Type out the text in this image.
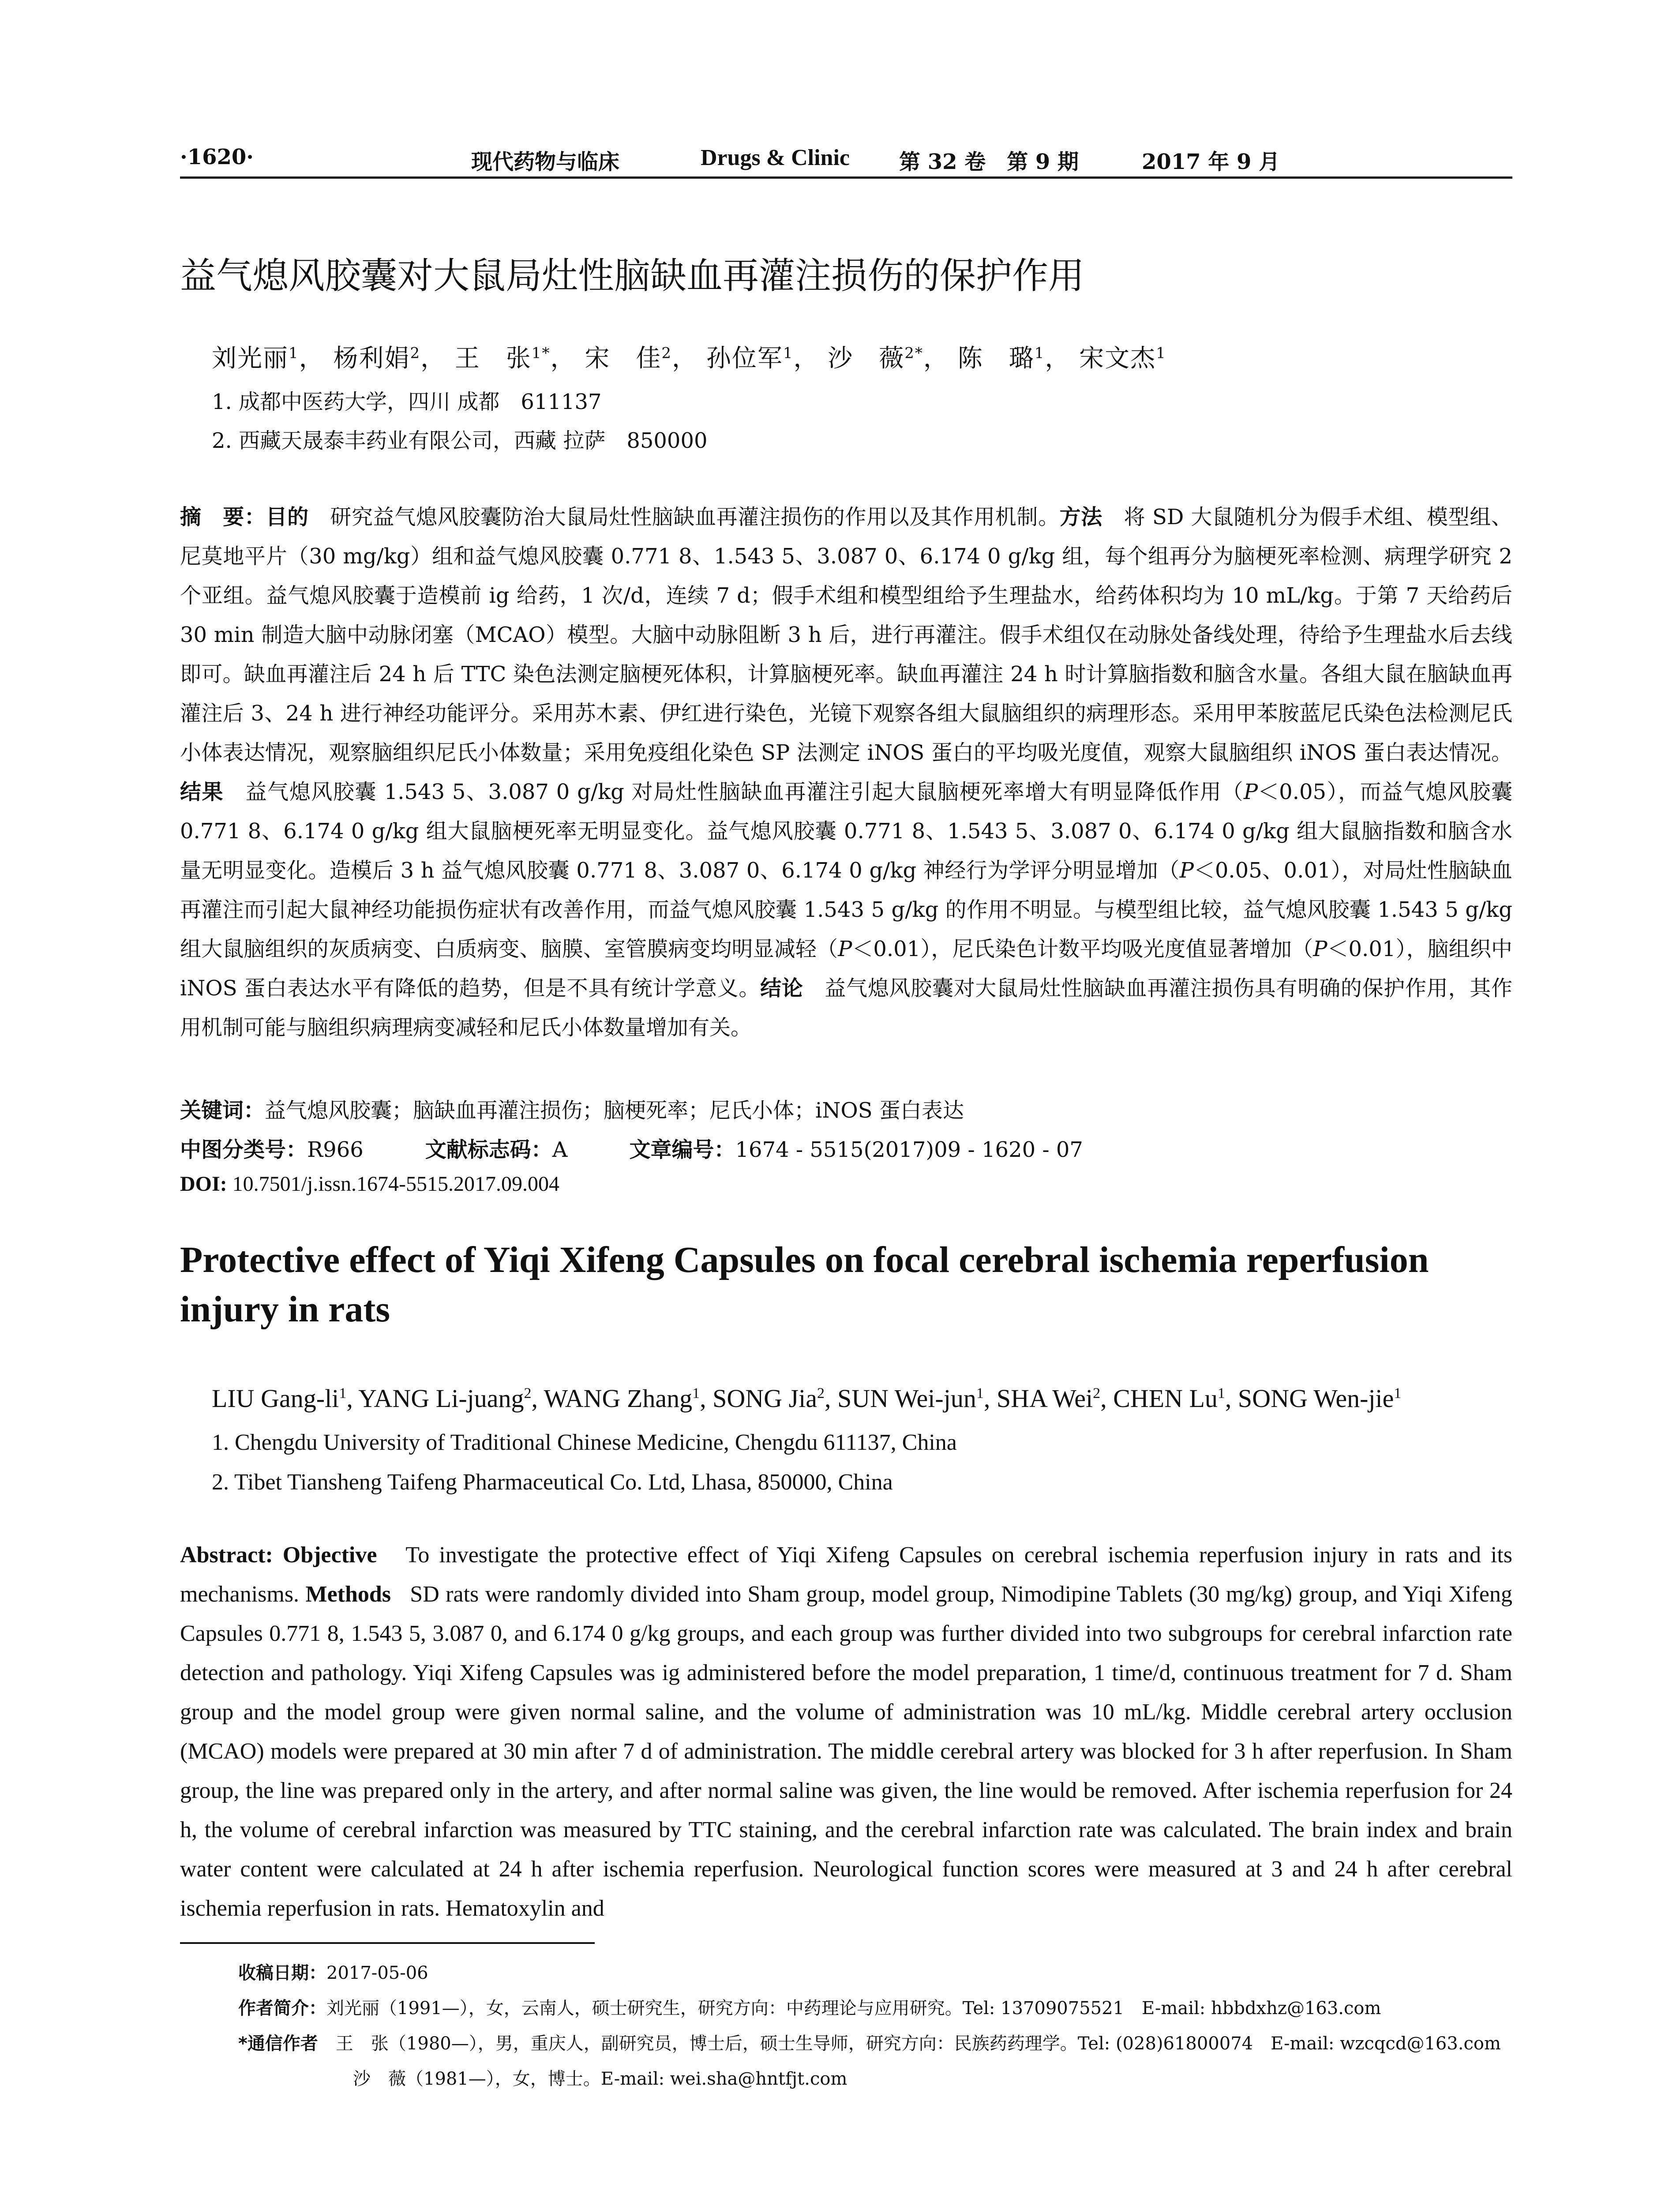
·1620·	现代药物与临床	Drugs & Clinic 第 32 卷　第 9 期	2017 年 9 月
益气熄风胶囊对大鼠局灶性脑缺血再灌注损伤的保护作用
刘光丽$^1$， 杨利娟$^2$， 王　张$^{1*}$， 宋　佳$^2$， 孙位军$^1$， 沙　薇$^{2*}$， 陈　璐$^1$， 宋文杰$^1$
1. 成都中医药大学，四川 成都　611137
2. 西藏天晟泰丰药业有限公司，西藏 拉萨　850000
摘　要：目的　 研究益气熄风胶囊防治大鼠局灶性脑缺血再灌注损伤的作用以及其作用机制。方法　 将 SD 大鼠随机分为假手术组、模型组、尼莫地平片（30 mg/kg）组和益气熄风胶囊 0.771 8、1.543 5、3.087 0、6.174 0 g/kg 组，每个组再分为脑梗死率检测、病理学研究 2 个亚组。益气熄风胶囊于造模前 ig 给药，1 次/d，连续 7 d；假手术组和模型组给予生理盐水，给药体积均为 10 mL/kg。于第 7 天给药后 30 min 制造大脑中动脉闭塞（MCAO）模型。大脑中动脉阻断 3 h 后，进行再灌注。假手术组仅在动脉处备线处理，待给予生理盐水后去线即可。缺血再灌注后 24 h 后 TTC 染色法测定脑梗死体积，计算脑梗死率。缺血再灌注 24 h 时计算脑指数和脑含水量。各组大鼠在脑缺血再灌注后 3、24 h 进行神经功能评分。采用苏木素、伊红进行染色，光镜下观察各组大鼠脑组织的病理形态。采用甲苯胺蓝尼氏染色法检测尼氏小体表达情况，观察脑组织尼氏小体数量；采用免疫组化染色 SP 法测定 iNOS 蛋白的平均吸光度值，观察大鼠脑组织 iNOS 蛋白表达情况。结果　 益气熄风胶囊 1.543 5、3.087 0 g/kg 对局灶性脑缺血再灌注引起大鼠脑梗死率增大有明显降低作用（P＜0.05），而益气熄风胶囊 0.771 8、6.174 0 g/kg 组大鼠脑梗死率无明显变化。益气熄风胶囊 0.771 8、1.543 5、3.087 0、6.174 0 g/kg 组大鼠脑指数和脑含水量无明显变化。造模后 3 h 益气熄风胶囊 0.771 8、3.087 0、6.174 0 g/kg 神经行为学评分明显增加（P＜0.05、0.01），对局灶性脑缺血再灌注而引起大鼠神经功能损伤症状有改善作用，而益气熄风胶囊 1.543 5 g/kg 的作用不明显。与模型组比较，益气熄风胶囊 1.543 5 g/kg 组大鼠脑组织的灰质病变、白质病变、脑膜、室管膜病变均明显减轻（P＜0.01），尼氏染色计数平均吸光度值显著增加（P＜0.01），脑组织中 iNOS 蛋白表达水平有降低的趋势，但是不具有统计学意义。结论　 益气熄风胶囊对大鼠局灶性脑缺血再灌注损伤具有明确的保护作用，其作用机制可能与脑组织病理病变减轻和尼氏小体数量增加有关。
关键词：益气熄风胶囊；脑缺血再灌注损伤；脑梗死率；尼氏小体；iNOS 蛋白表达
中图分类号：R966	文献标志码：A	文章编号：1674 - 5515(2017)09 - 1620 - 07
DOI: 10.7501/j.issn.1674-5515.2017.09.004
Protective effect of Yiqi Xifeng Capsules on focal cerebral ischemia reperfusion injury in rats
LIU Gang-$li^1$, YANG Li-juang$^2$, WANG Zhang$^1$, SONG Jia$^2$, SUN Wei-jun$^1$, SHA Wei$^2$, CHEN Lu$^1$, SONG Wen-jie$^1$
1. Chengdu University of Traditional Chinese Medicine, Chengdu 611137, China
2. Tibet Tiansheng Taifeng Pharmaceutical Co. Ltd, Lhasa, 850000, China
Abstract: Objective To investigate the protective effect of Yiqi Xifeng Capsules on cerebral ischemia reperfusion injury in rats and its mechanisms. Methods SD rats were randomly divided into Sham group, model group, Nimodipine Tablets (30 mg/kg) group, and Yiqi Xifeng Capsules 0.771 8, 1.543 5, 3.087 0, and 6.174 0 g/kg groups, and each group was further divided into two subgroups for cerebral infarction rate detection and pathology. Yiqi Xifeng Capsules was ig administered before the model preparation, 1 time/d, continuous treatment for 7 d. Sham group and the model group were given normal saline, and the volume of administration was 10 mL/kg. Middle cerebral artery occlusion (MCAO) models were prepared at 30 min after 7 d of administration. The middle cerebral artery was blocked for 3 h after reperfusion. In Sham group, the line was prepared only in the artery, and after normal saline was given, the line would be removed. After ischemia reperfusion for 24 h, the volume of cerebral infarction was measured by TTC staining, and the cerebral infarction rate was calculated. The brain index and brain water content were calculated at 24 h after ischemia reperfusion. Neurological function scores were measured at 3 and 24 h after cerebral ischemia reperfusion in rats. Hematoxylin and
收稿日期：2017-05-06
作者简介：刘光丽（1991—），女，云南人，硕士研究生，研究方向：中药理论与应用研究。Tel: 13709075521　E-mail: hbbdxhz@163.com
*通信作者　 王　张（1980—），男，重庆人，副研究员，博士后，硕士生导师，研究方向：民族药药理学。Tel: (028)61800074　E-mail: wzcqcd@163.com
沙　薇（1981—），女，博士。E-mail: wei.sha@hntfjt.com
